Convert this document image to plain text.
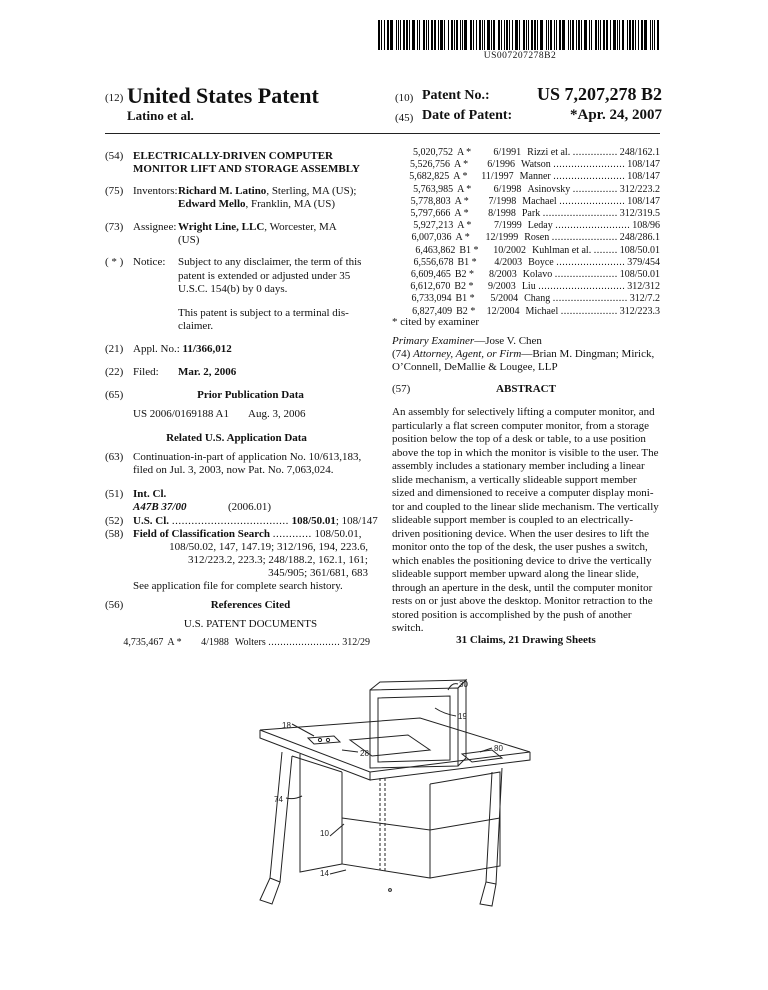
US007207278B2
(12) United States Patent
Latino et al.
(10) Patent No.:	US 7,207,278 B2
(45) Date of Patent:	*Apr. 24, 2007
(54) ELECTRICALLY-DRIVEN COMPUTER
MONITOR LIFT AND STORAGE ASSEMBLY
(75) Inventors: Richard M. Latino, Sterling, MA (US);
Edward Mello, Franklin, MA (US)
(73) Assignee: Wright Line, LLC, Worcester, MA
(US)
( * ) Notice: Subject to any disclaimer, the term of this
patent is extended or adjusted under 35
U.S.C. 154(b) by 0 days.
This patent is subject to a terminal dis-
claimer.
(21) Appl. No.: 11/366,012
(22) Filed: Mar. 2, 2006
(65)	Prior Publication Data
US 2006/0169188 A1 Aug. 3, 2006
Related U.S. Application Data
(63) Continuation-in-part of application No. 10/613,183,
filed on Jul. 3, 2003, now Pat. No. 7,063,024.
(51) Int. Cl.
A47B 37/00	(2006.01)
(52) U.S. Cl. .................................... 108/50.01; 108/147
(58) Field of Classification Search ............ 108/50.01,
108/50.02, 147, 147.19; 312/196, 194, 223.6,
312/223.2, 223.3; 248/188.2, 162.1, 161;
345/905; 361/681, 683
See application file for complete search history.
(56)	References Cited
U.S. PATENT DOCUMENTS
4,735,467 A *	4/1988 Wolters ........................ 312/29
5,020,752 A *	6/1991 Rizzi et al. ............... 248/162.1
5,526,756 A *	6/1996 Watson ........................ 108/147
5,682,825 A *	11/1997 Manner ........................ 108/147
5,763,985 A *	6/1998 Asinovsky ............... 312/223.2
5,778,803 A *	7/1998 Machael ...................... 108/147
5,797,666 A *	8/1998 Park ......................... 312/319.5
5,927,213 A *	7/1999 Leday ......................... 108/96
6,007,036 A *	12/1999 Rosen ...................... 248/286.1
6,463,862 B1 *	10/2002 Kuhlman et al. ........ 108/50.01
6,556,678 B1 *	4/2003 Boyce ....................... 379/454
6,609,465 B2 *	8/2003 Kolavo ..................... 108/50.01
6,612,670 B2 *	9/2003 Liu ............................. 312/312
6,733,094 B1 *	5/2004 Chang ......................... 312/7.2
6,827,409 B2 *	12/2004 Michael ................... 312/223.3
* cited by examiner
Primary Examiner—Jose V. Chen
(74) Attorney, Agent, or Firm—Brian M. Dingman; Mirick,
O’Connell, DeMallie & Lougee, LLP
(57)	ABSTRACT
An assembly for selectively lifting a computer monitor, and
particularly a flat screen computer monitor, from a storage
position below the top of a desk or table, to a use position
above the top in which the monitor is visible to the user. The
assembly includes a stationary member including a linear
slide mechanism, a vertically slideable support member
sized and dimensioned to receive a computer display moni-
tor and coupled to the linear slide mechanism. The vertically
slideable support member is coupled to an electrically-
driven positioning device. When the user desires to lift the
monitor onto the top of the desk, the user pushes a switch,
which enables the positioning device to drive the vertically
slideable support member upward along the linear slide,
through an aperture in the desk, until the computer monitor
rests on or just above the desktop. Monitor retraction to the
stored position is accomplished by the push of another
switch.
31 Claims, 21 Drawing Sheets
30
19
18
28
80
74
10
14
